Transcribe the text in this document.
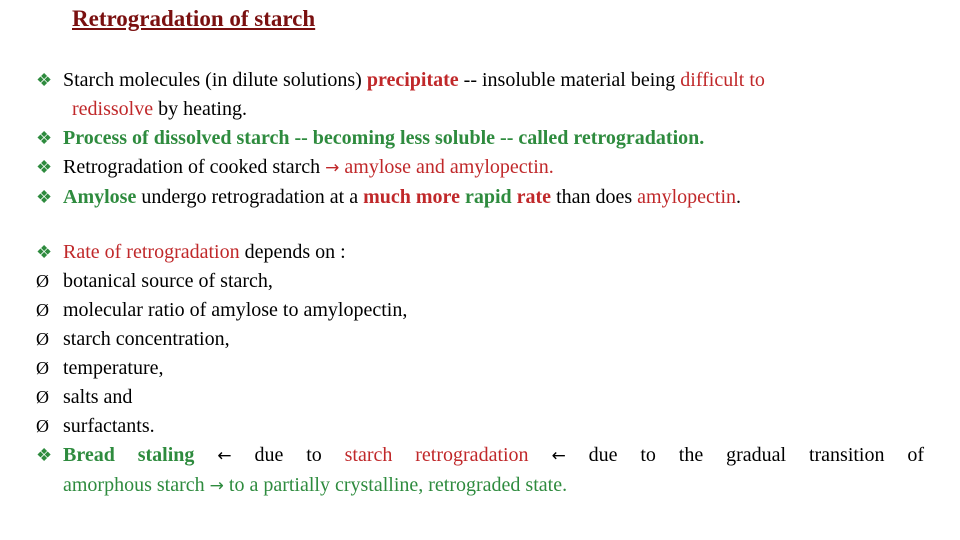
Retrogradation of starch
❖ Starch molecules (in dilute solutions) precipitate -- insoluble material being difficult to
redissolve by heating.
❖ Process of dissolved starch -- becoming less soluble -- called retrogradation.
❖ Retrogradation of cooked starch → amylose and amylopectin.
❖ Amylose undergo retrogradation at a much more rapid rate than does amylopectin.
❖ Rate of retrogradation depends on :
Ø botanical source of starch,
Ø molecular ratio of amylose to amylopectin,
Ø starch concentration,
Ø temperature,
Ø salts and
Ø surfactants.
❖ Bread staling ← due to starch retrogradation ← due to the gradual transition of
amorphous starch → to a partially crystalline, retrograded state.
